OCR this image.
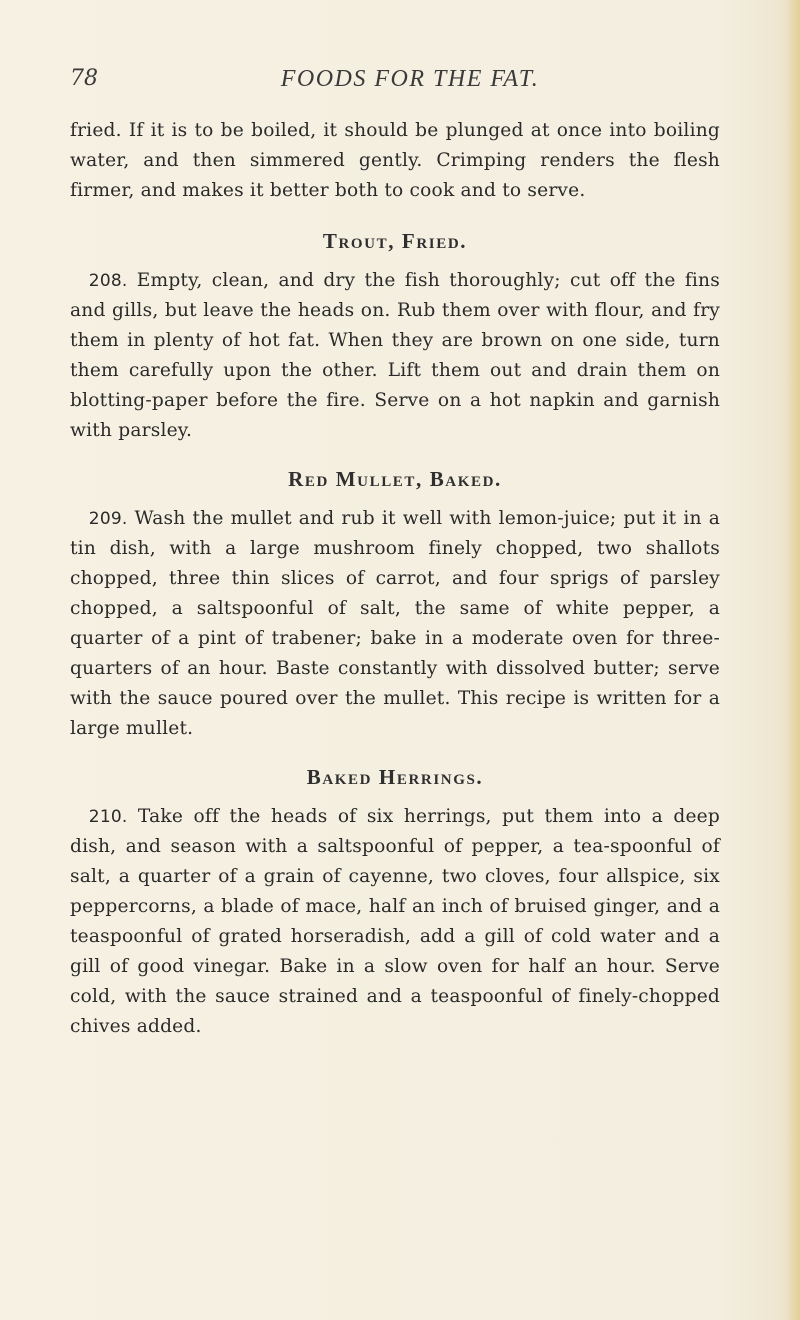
78	FOODS FOR THE FAT.

fried. If it is to be boiled, it should be plunged at once into boiling water, and then simmered gently. Crimping renders the flesh firmer, and makes it better both to cook and to serve.

Trout, Fried.

 208. Empty, clean, and dry the fish thoroughly; cut off the fins and gills, but leave the heads on. Rub them over with flour, and fry them in plenty of hot fat. When they are brown on one side, turn them carefully upon the other. Lift them out and drain them on blotting-paper before the fire. Serve on a hot napkin and garnish with parsley.

Red Mullet, Baked.

 209. Wash the mullet and rub it well with lemon-juice; put it in a tin dish, with a large mushroom finely chopped, two shallots chopped, three thin slices of carrot, and four sprigs of parsley chopped, a saltspoonful of salt, the same of white pepper, a quarter of a pint of trabener; bake in a moderate oven for three-quarters of an hour. Baste constantly with dissolved butter; serve with the sauce poured over the mullet. This recipe is written for a large mullet.

Baked Herrings.

 210. Take off the heads of six herrings, put them into a deep dish, and season with a saltspoonful of pepper, a tea-spoonful of salt, a quarter of a grain of cayenne, two cloves, four allspice, six peppercorns, a blade of mace, half an inch of bruised ginger, and a teaspoonful of grated horseradish, add a gill of cold water and a gill of good vinegar. Bake in a slow oven for half an hour. Serve cold, with the sauce strained and a teaspoonful of finely-chopped chives added.
